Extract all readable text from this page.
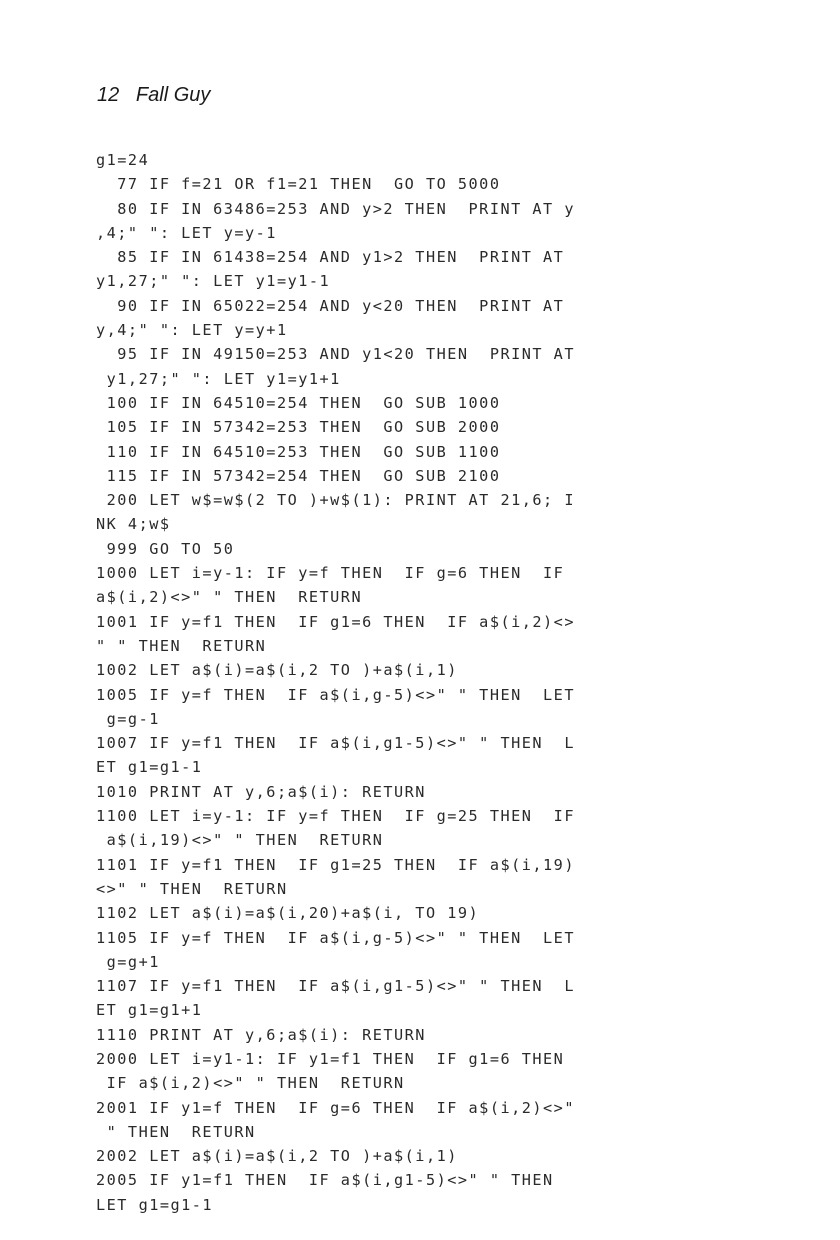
12 Fall Guy
g1=24
77 IF f=21 OR f1=21 THEN  GO TO 5000
80 IF IN 63486=253 AND y>2 THEN  PRINT AT y
,4;" ": LET y=y-1
85 IF IN 61438=254 AND y1>2 THEN  PRINT AT
y1,27;" ": LET y1=y1-1
90 IF IN 65022=254 AND y<20 THEN  PRINT AT
y,4;" ": LET y=y+1
95 IF IN 49150=253 AND y1<20 THEN  PRINT AT
y1,27;" ": LET y1=y1+1
100 IF IN 64510=254 THEN  GO SUB 1000
105 IF IN 57342=253 THEN  GO SUB 2000
110 IF IN 64510=253 THEN  GO SUB 1100
115 IF IN 57342=254 THEN  GO SUB 2100
200 LET w$=w$(2 TO )+w$(1): PRINT AT 21,6; I
NK 4;w$
999 GO TO 50
1000 LET i=y-1: IF y=f THEN  IF g=6 THEN  IF
a$(i,2)<>" " THEN  RETURN
1001 IF y=f1 THEN  IF g1=6 THEN  IF a$(i,2)<>
" " THEN  RETURN
1002 LET a$(i)=a$(i,2 TO )+a$(i,1)
1005 IF y=f THEN  IF a$(i,g-5)<>" " THEN  LET
g=g-1
1007 IF y=f1 THEN  IF a$(i,g1-5)<>" " THEN  L
ET g1=g1-1
1010 PRINT AT y,6;a$(i): RETURN
1100 LET i=y-1: IF y=f THEN  IF g=25 THEN  IF
a$(i,19)<>" " THEN  RETURN
1101 IF y=f1 THEN  IF g1=25 THEN  IF a$(i,19)
<>" " THEN  RETURN
1102 LET a$(i)=a$(i,20)+a$(i, TO 19)
1105 IF y=f THEN  IF a$(i,g-5)<>" " THEN  LET
g=g+1
1107 IF y=f1 THEN  IF a$(i,g1-5)<>" " THEN  L
ET g1=g1+1
1110 PRINT AT y,6;a$(i): RETURN
2000 LET i=y1-1: IF y1=f1 THEN  IF g1=6 THEN
IF a$(i,2)<>" " THEN  RETURN
2001 IF y1=f THEN  IF g=6 THEN  IF a$(i,2)<>"
" THEN  RETURN
2002 LET a$(i)=a$(i,2 TO )+a$(i,1)
2005 IF y1=f1 THEN  IF a$(i,g1-5)<>" " THEN
LET g1=g1-1
